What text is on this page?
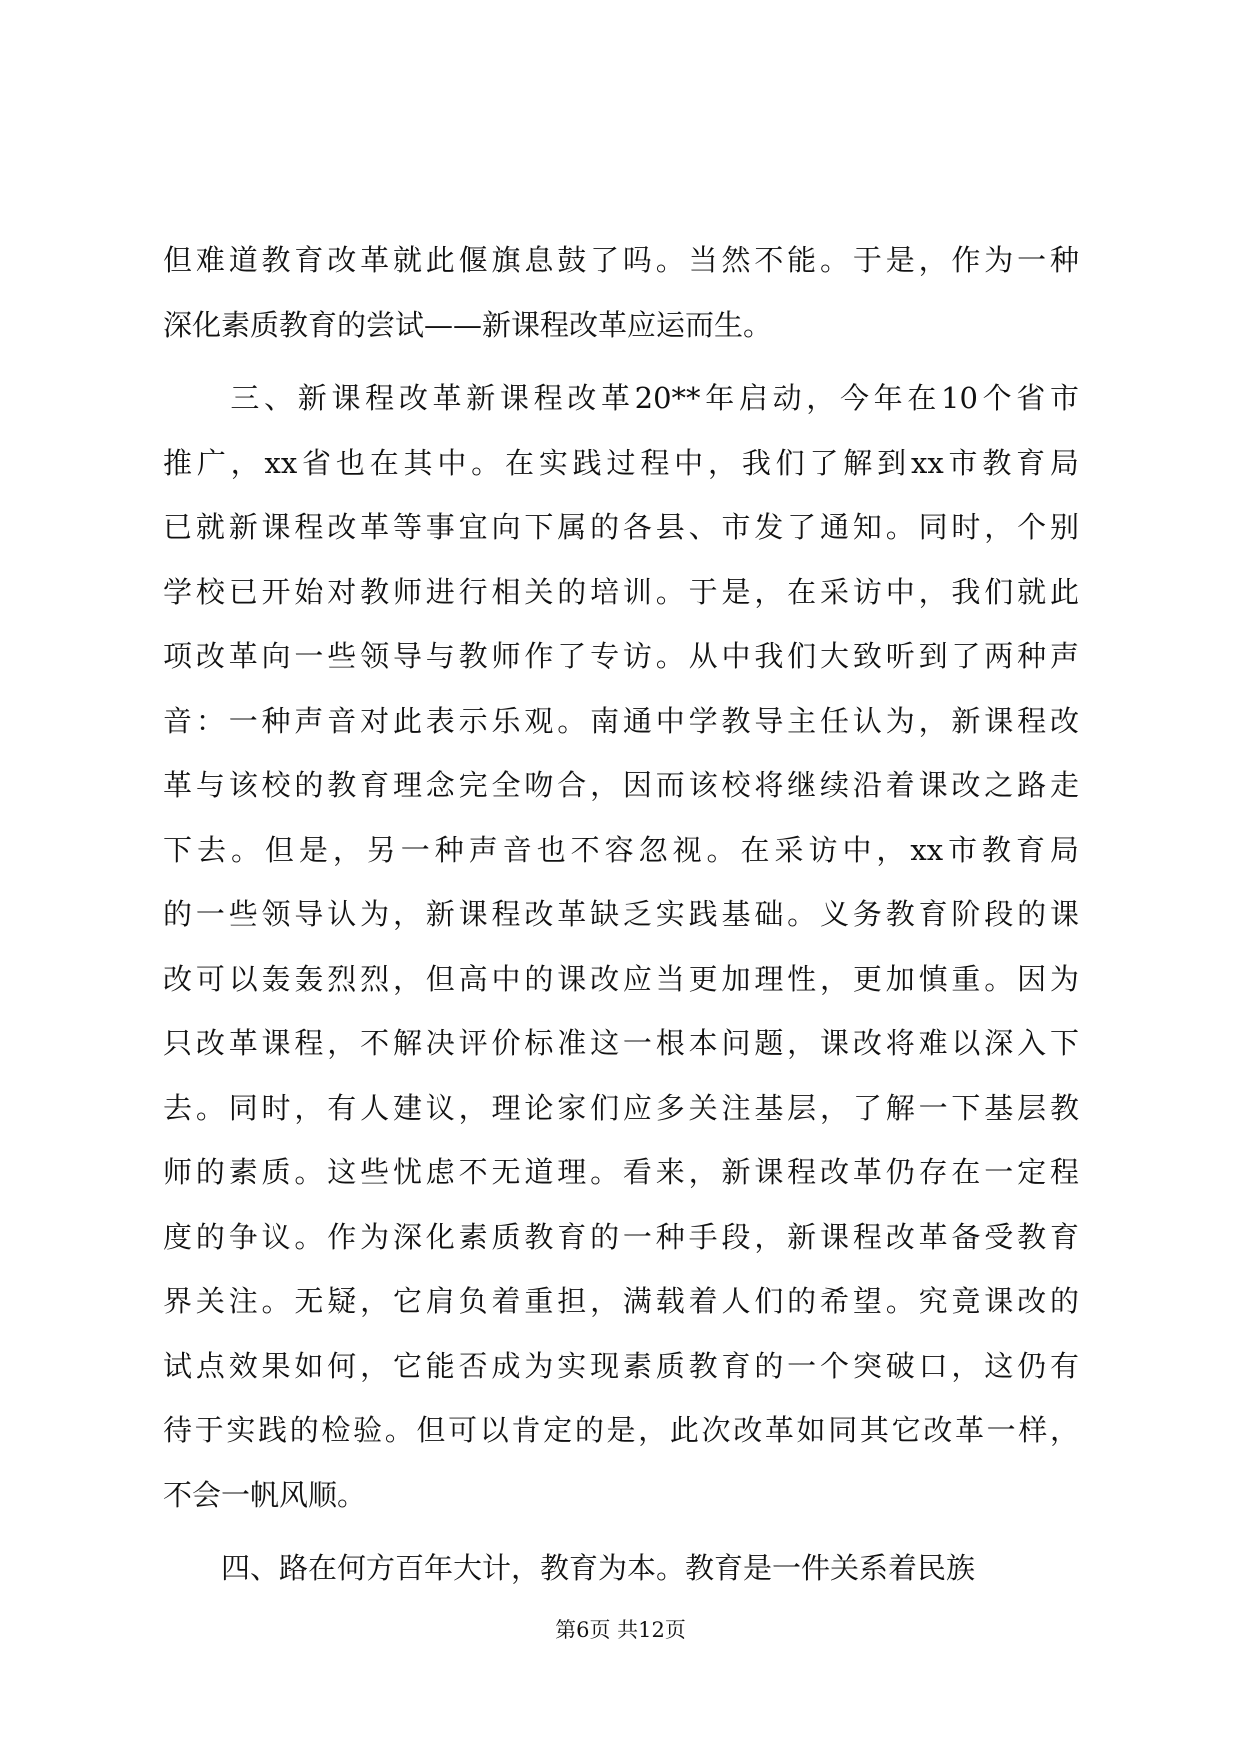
但难道教育改革就此偃旗息鼓了吗。当然不能。于是，作为一种
深化素质教育的尝试——新课程改革应运而生。
　　三、新课程改革新课程改革20**年启动，今年在10个省市
推广，xx省也在其中。在实践过程中，我们了解到xx市教育局
已就新课程改革等事宜向下属的各县、市发了通知。同时，个别
学校已开始对教师进行相关的培训。于是，在采访中，我们就此
项改革向一些领导与教师作了专访。从中我们大致听到了两种声
音：一种声音对此表示乐观。南通中学教导主任认为，新课程改
革与该校的教育理念完全吻合，因而该校将继续沿着课改之路走
下去。但是，另一种声音也不容忽视。在采访中，xx市教育局
的一些领导认为，新课程改革缺乏实践基础。义务教育阶段的课
改可以轰轰烈烈，但高中的课改应当更加理性，更加慎重。因为
只改革课程，不解决评价标准这一根本问题，课改将难以深入下
去。同时，有人建议，理论家们应多关注基层，了解一下基层教
师的素质。这些忧虑不无道理。看来，新课程改革仍存在一定程
度的争议。作为深化素质教育的一种手段，新课程改革备受教育
界关注。无疑，它肩负着重担，满载着人们的希望。究竟课改的
试点效果如何，它能否成为实现素质教育的一个突破口，这仍有
待于实践的检验。但可以肯定的是，此次改革如同其它改革一样，
不会一帆风顺。
　　四、路在何方百年大计，教育为本。教育是一件关系着民族
第6页 共12页
